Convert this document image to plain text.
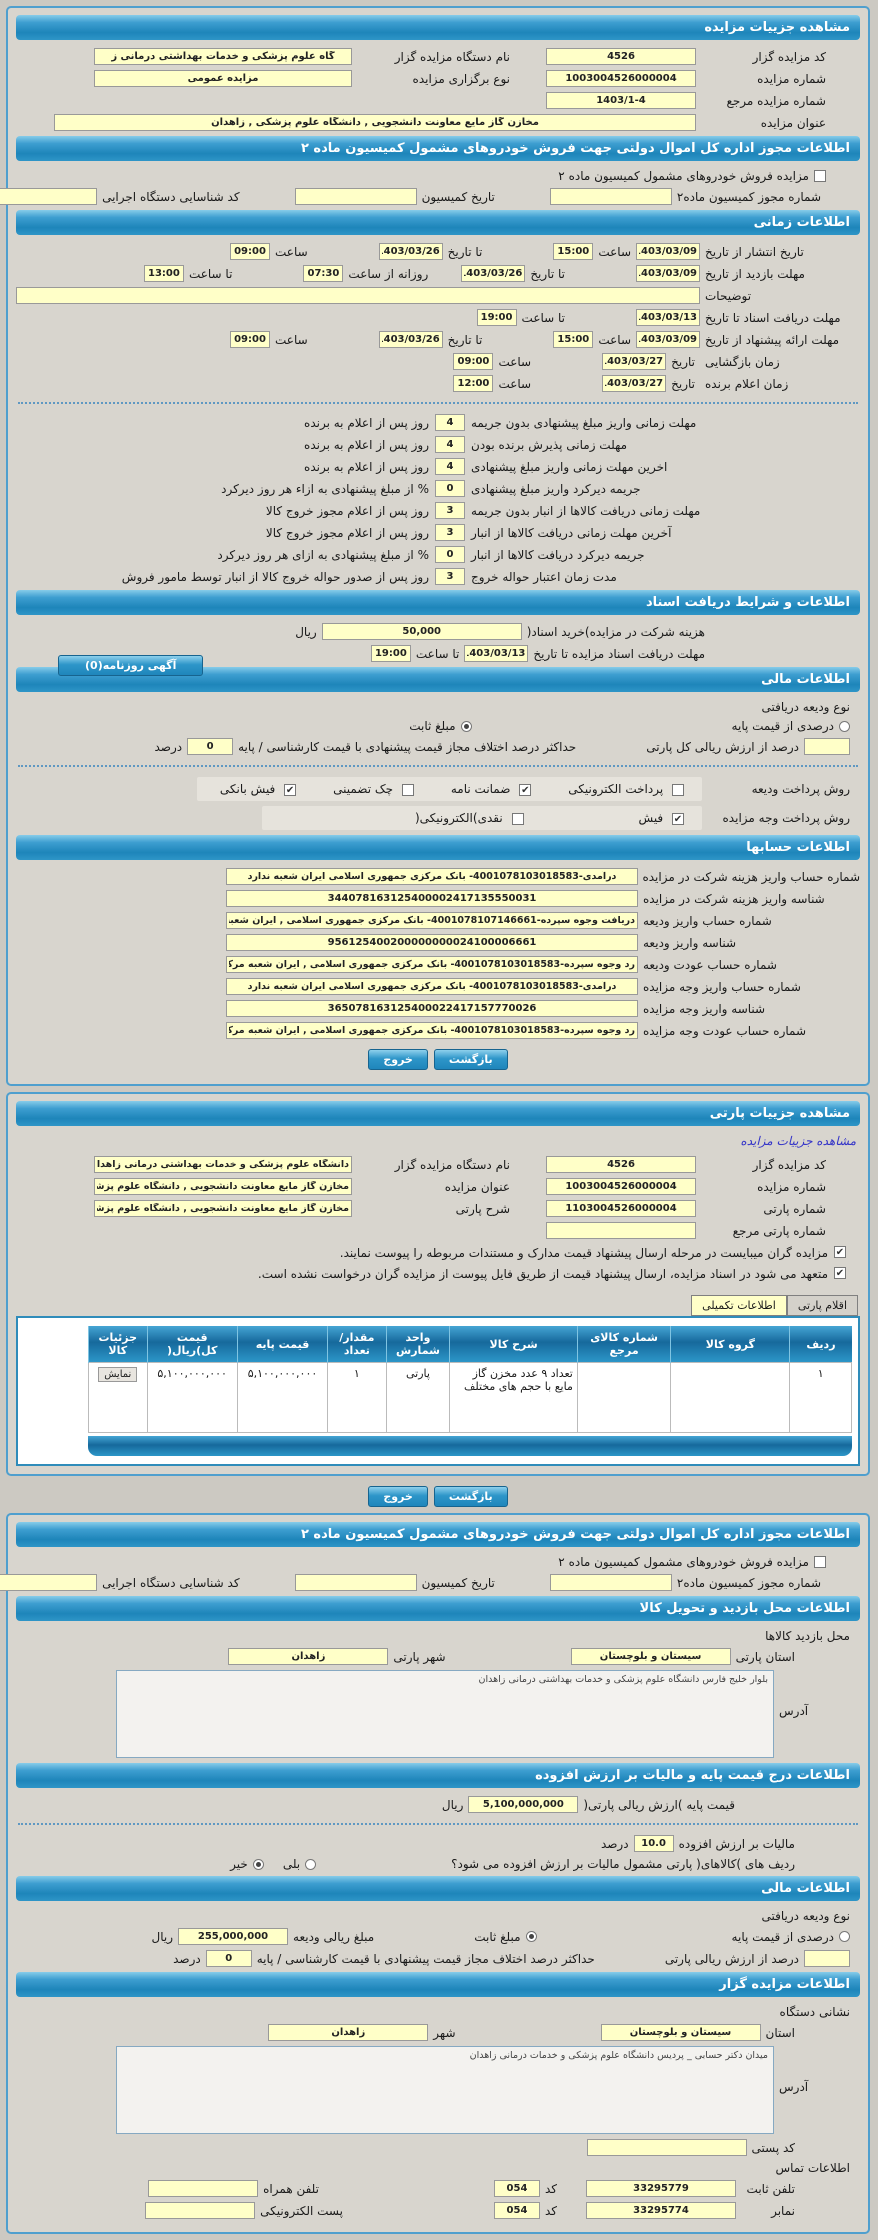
مشاهده جزییات مزایده
کد مزایده گزار
4526
نام دستگاه مزایده گزار
گاه علوم پزشکی و خدمات بهداشتی درمانی ز
شماره مزایده
1003004526000004
نوع برگزاری مزایده
مزایده عمومی
شماره مزایده مرجع
1403/1-4
عنوان مزایده
مخازن گاز مایع معاونت دانشجویی , دانشگاه علوم پزشکی , زاهدان
اطلاعات مجوز اداره کل اموال دولتی جهت فروش خودروهای مشمول کمیسیون ماده ۲
مزایده فروش خودروهای مشمول کمیسیون ماده ۲
شماره مجوز کمیسیون ماده۲
تاریخ کمیسیون
کد شناسایی دستگاه اجرایی
اطلاعات زمانی
تاریخ انتشار از تاریخ
1403/03/09
ساعت
15:00
تا تاریخ
1403/03/26
ساعت
09:00
مهلت بازدید از تاریخ
1403/03/09
تا تاریخ
1403/03/26
روزانه از ساعت
07:30
تا ساعت
13:00
توضیحات
مهلت دریافت اسناد تا تاریخ
1403/03/13
تا ساعت
19:00
مهلت ارائه پیشنهاد از تاریخ
1403/03/09
ساعت
15:00
تا تاریخ
1403/03/26
ساعت
09:00
زمان بازگشایی
تاریخ
1403/03/27
ساعت
09:00
زمان اعلام برنده
تاریخ
1403/03/27
ساعت
12:00
مهلت زمانی واریز مبلغ پیشنهادی بدون جریمه
4
روز پس از اعلام به برنده
مهلت زمانی پذیرش برنده بودن
4
روز پس از اعلام به برنده
اخرین مهلت زمانی واریز مبلغ پیشنهادی
4
روز پس از اعلام به برنده
جریمه دیرکرد واریز مبلغ پیشنهادی
0
% از مبلغ پیشنهادی به ازاء هر روز دیرکرد
مهلت زمانی دریافت کالاها از انبار بدون جریمه
3
روز پس از اعلام مجوز خروج کالا
آخرین مهلت زمانی دریافت کالاها از انبار
3
روز پس از اعلام مجوز خروج کالا
جریمه دیرکرد دریافت کالاها از انبار
0
% از مبلغ پیشنهادی به ازای هر روز دیرکرد
مدت زمان اعتبار حواله خروج
3
روز پس از صدور حواله خروج کالا از انبار توسط مامور فروش
اطلاعات و شرایط دریافت اسناد
هزینه شرکت در مزایده)خرید اسناد(
50,000
ریال
مهلت دریافت اسناد مزایده تا تاریخ
1403/03/13
تا ساعت
19:00
آگهی روزنامه(0)
اطلاعات مالی
نوع ودیعه دریافتی
درصدی از قیمت پایه
مبلغ ثابت
درصد از ارزش ریالی کل پارتی
حداکثر درصد اختلاف مجاز قیمت پیشنهادی با قیمت کارشناسی / پایه
0
درصد
روش پرداخت ودیعه
پرداخت الکترونیکی
✔ ضمانت نامه
چک تضمینی
✔ فیش بانکی
روش پرداخت وجه مزایده
✔ فیش
نقدی)الکترونیکی(
اطلاعات حسابها
شماره حساب واریز هزینه شرکت در مزایده
درآمدی-4001078103018583- بانک مرکزی جمهوری اسلامی ایران شعبه ندارد
شناسه واریز هزینه شرکت در مزایده
344078163125400002417135550031
شماره حساب واریز ودیعه
دریافت وجوه سپرده-4001078107146661- بانک مرکزی جمهوری اسلامی , ایران شعبه ندارد
شناسه واریز ودیعه
956125400200000000024100006661
شماره حساب عودت ودیعه
رد وجوه سپرده-4001078103018583- بانک مرکزی جمهوری اسلامی , ایران شعبه مرکزی
شماره حساب واریز وجه مزایده
درآمدی-4001078103018583- بانک مرکزی جمهوری اسلامی ایران شعبه ندارد
شناسه واریز وجه مزایده
365078163125400022417157770026
شماره حساب عودت وجه مزایده
رد وجوه سپرده-4001078103018583- بانک مرکزی جمهوری اسلامی , ایران شعبه مرکزی
بازگشت
خروج
مشاهده جزییات پارتی
مشاهده جزییات مزایده
کد مزایده گزار
4526
نام دستگاه مزایده گزار
دانشگاه علوم پزشکی و خدمات بهداشتی درمانی زاهدان
شماره مزایده
1003004526000004
عنوان مزایده
مخازن گاز مایع معاونت دانشجویی , دانشگاه علوم پزشکی , زاهدان
شماره پارتی
1103004526000004
شرح پارتی
مخازن گاز مایع معاونت دانشجویی , دانشگاه علوم پزشکی , زاهدان
شماره پارتی مرجع
✔
مزایده گران میبایست در مرحله ارسال پیشنهاد قیمت مدارک و مستندات مربوطه را پیوست نمایند.
✔
متعهد می شود در اسناد مزایده، ارسال پیشنهاد قیمت از طریق فایل پیوست از مزایده گران درخواست نشده است.
اقلام پارتی
اطلاعات تکمیلی
ردیف	گروه کالا	شماره کالای مرجع	شرح کالا	واحد شمارش	مقدار/ تعداد	قیمت پایه	قیمت کل)ریال(	جزئیات کالا
۱			تعداد ۹ عدد مخزن گاز مایع با حجم های مختلف	پارتی	۱	۵,۱۰۰,۰۰۰,۰۰۰	۵,۱۰۰,۰۰۰,۰۰۰	نمایش
بازگشت
خروج
اطلاعات مجوز اداره کل اموال دولتی جهت فروش خودروهای مشمول کمیسیون ماده ۲
مزایده فروش خودروهای مشمول کمیسیون ماده ۲
شماره مجوز کمیسیون ماده۲
تاریخ کمیسیون
کد شناسایی دستگاه اجرایی
اطلاعات محل بازدید و تحویل کالا
محل بازدید کالاها
استان پارتی
سیستان و بلوچستان
شهر پارتی
زاهدان
آدرس
بلوار خلیج فارس دانشگاه علوم پزشکی و خدمات بهداشتی درمانی زاهدان
اطلاعات درج قیمت پایه و مالیات بر ارزش افزوده
قیمت پایه )ارزش ریالی پارتی(
5,100,000,000
ریال
مالیات بر ارزش افزوده
10.0
درصد
ردیف های )کالاهای( پارتی مشمول مالیات بر ارزش افزوده می شود؟
بلی
خیر
اطلاعات مالی
نوع ودیعه دریافتی
درصدی از قیمت پایه
مبلغ ثابت
مبلغ ریالی ودیعه
255,000,000
ریال
درصد از ارزش ریالی پارتی
حداکثر درصد اختلاف مجاز قیمت پیشنهادی با قیمت کارشناسی / پایه
0
درصد
اطلاعات مزایده گزار
نشانی دستگاه
استان
سیستان و بلوچستان
شهر
زاهدان
آدرس
میدان دکتر حسابی _ پردیس دانشگاه علوم پزشکی و خدمات درمانی زاهدان
کد پستی
اطلاعات تماس
تلفن ثابت
33295779
کد
054
تلفن همراه
نمابر
33295774
کد
054
پست الکترونیکی
